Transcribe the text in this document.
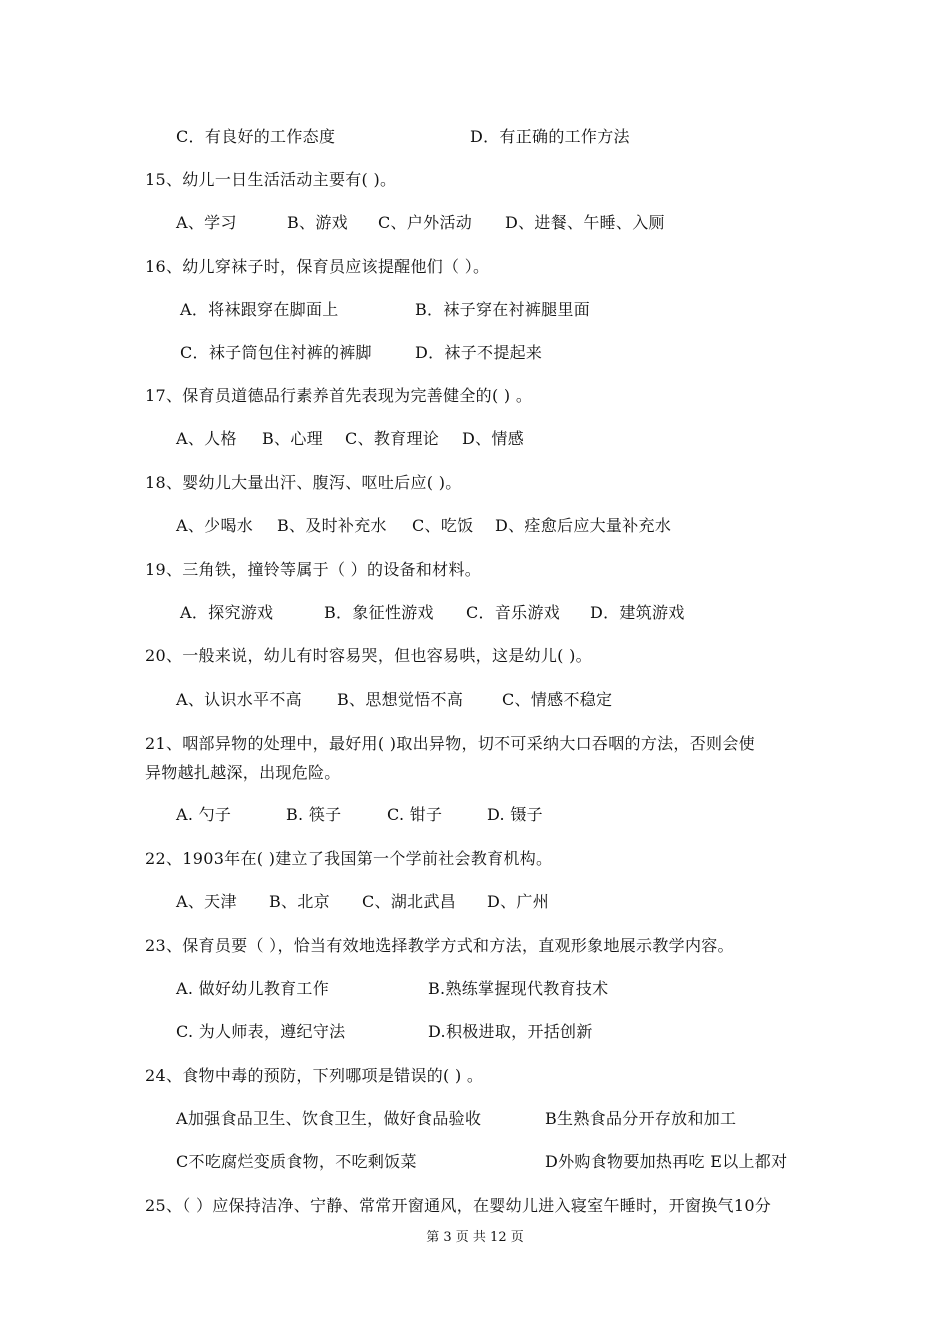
C．有良好的工作态度	D．有正确的工作方法
15、幼儿一日生活活动主要有( )。
A、学习	B、游戏 C、户外活动 D、进餐、午睡、入厕
16、幼儿穿袜子时，保育员应该提醒他们（ ）。
A．将袜跟穿在脚面上	B．袜子穿在衬裤腿里面
C．袜子筒包住衬裤的裤脚	D．袜子不提起来
17、保育员道德品行素养首先表现为完善健全的( ) 。
A、人格 B、心理 C、教育理论 D、情感
18、婴幼儿大量出汗、腹泻、呕吐后应( )。
A、少喝水 B、及时补充水 C、吃饭 D、痊愈后应大量补充水
19、三角铁，撞铃等属于（ ）的设备和材料。
A．探究游戏	B．象征性游戏 C．音乐游戏 D．建筑游戏
20、一般来说，幼儿有时容易哭，但也容易哄，这是幼儿( )。
A、认识水平不高 B、思想觉悟不高 C、情感不稳定
21、咽部异物的处理中，最好用( )取出异物，切不可采纳大口吞咽的方法，否则会使
异物越扎越深，出现危险。
A. 勺子	B. 筷子	C. 钳子	D. 镊子
22、1903年在( )建立了我国第一个学前社会教育机构。
A、天津 B、北京 C、湖北武昌 D、广州
23、保育员要（ ），恰当有效地选择教学方式和方法，直观形象地展示教学内容。
A. 做好幼儿教育工作	B.熟练掌握现代教育技术
C. 为人师表，遵纪守法	D.积极进取，开括创新
24、食物中毒的预防，下列哪项是错误的( ) 。
A加强食品卫生、饮食卫生，做好食品验收	B生熟食品分开存放和加工
C不吃腐烂变质食物，不吃剩饭菜	D外购食物要加热再吃 E以上都对
25、（ ）应保持洁净、宁静、常常开窗通风，在婴幼儿进入寝室午睡时，开窗换气10分
第 3 页 共 12 页
